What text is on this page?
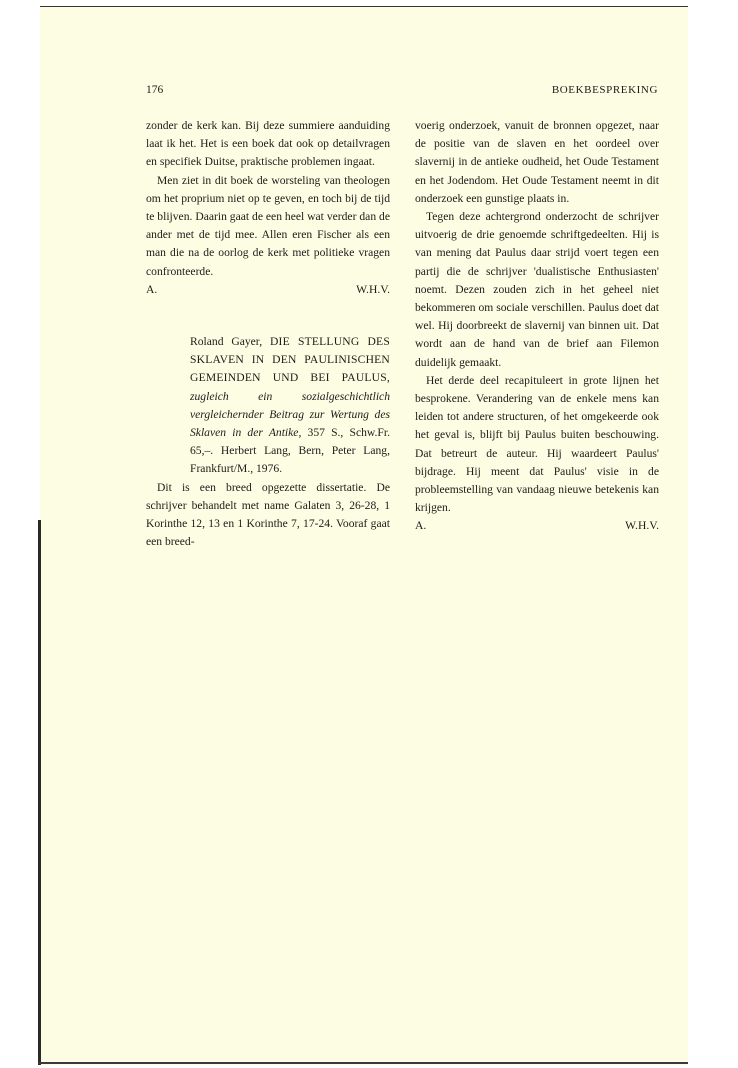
176	BOEKBESPREKING

zonder de kerk kan. Bij deze summiere aanduiding laat ik het. Het is een boek dat ook op detailvragen en specifiek Duitse, praktische problemen ingaat.

Men ziet in dit boek de worsteling van theologen om het proprium niet op te geven, en toch bij de tijd te blijven. Daarin gaat de een heel wat verder dan de ander met de tijd mee. Allen eren Fischer als een man die na de oorlog de kerk met politieke vragen confronteerde.

A.	W.H.V.
Roland Gayer, DIE STELLUNG DES SKLAVEN IN DEN PAULINISCHEN GEMEINDEN UND BEI PAULUS, zugleich ein sozialgeschichtlich vergleichernder Beitrag zur Wertung des Sklaven in der Antike, 357 S., Schw.Fr. 65,–. Herbert Lang, Bern, Peter Lang, Frankfurt/M., 1976.

Dit is een breed opgezette dissertatie. De schrijver behandelt met name Galaten 3, 26-28, 1 Korinthe 12, 13 en 1 Korinthe 7, 17-24. Vooraf gaat een breed-

voerig onderzoek, vanuit de bronnen opgezet, naar de positie van de slaven en het oordeel over slavernij in de antieke oudheid, het Oude Testament en het Jodendom. Het Oude Testament neemt in dit onderzoek een gunstige plaats in.

Tegen deze achtergrond onderzocht de schrijver uitvoerig de drie genoemde schriftgedeelten. Hij is van mening dat Paulus daar strijd voert tegen een partij die de schrijver 'dualistische Enthusiasten' noemt. Dezen zouden zich in het geheel niet bekommeren om sociale verschillen. Paulus doet dat wel. Hij doorbreekt de slavernij van binnen uit. Dat wordt aan de hand van de brief aan Filemon duidelijk gemaakt.

Het derde deel recapituleert in grote lijnen het besprokene. Verandering van de enkele mens kan leiden tot andere structuren, of het omgekeerde ook het geval is, blijft bij Paulus buiten beschouwing. Dat betreurt de auteur. Hij waardeert Paulus' bijdrage. Hij meent dat Paulus' visie in de probleemstelling van vandaag nieuwe betekenis kan krijgen.

A.	W.H.V.
